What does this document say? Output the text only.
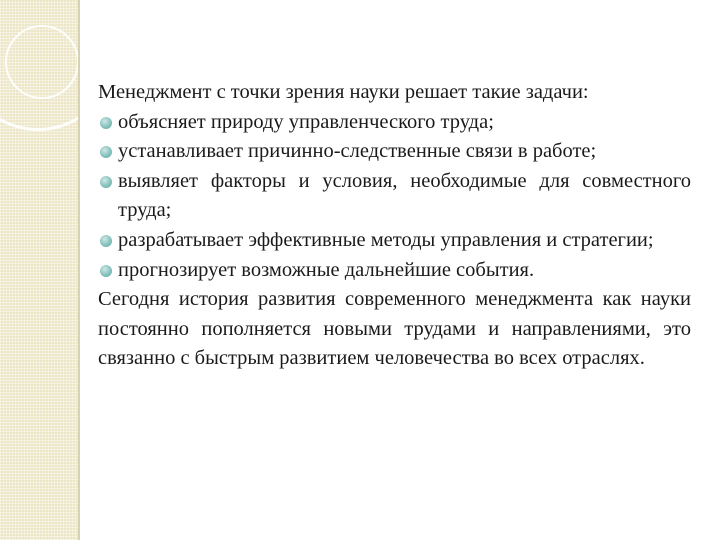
Менеджмент с точки зрения науки решает такие задачи:

объясняет природу управленческого труда;
устанавливает причинно-следственные связи в работе;
выявляет факторы и условия, необходимые для совместного труда;
разрабатывает эффективные методы управления и стратегии;
прогнозирует возможные дальнейшие события.

Сегодня история развития современного менеджмента как науки постоянно пополняется новыми трудами и направлениями, это связанно с быстрым развитием человечества во всех отраслях.
